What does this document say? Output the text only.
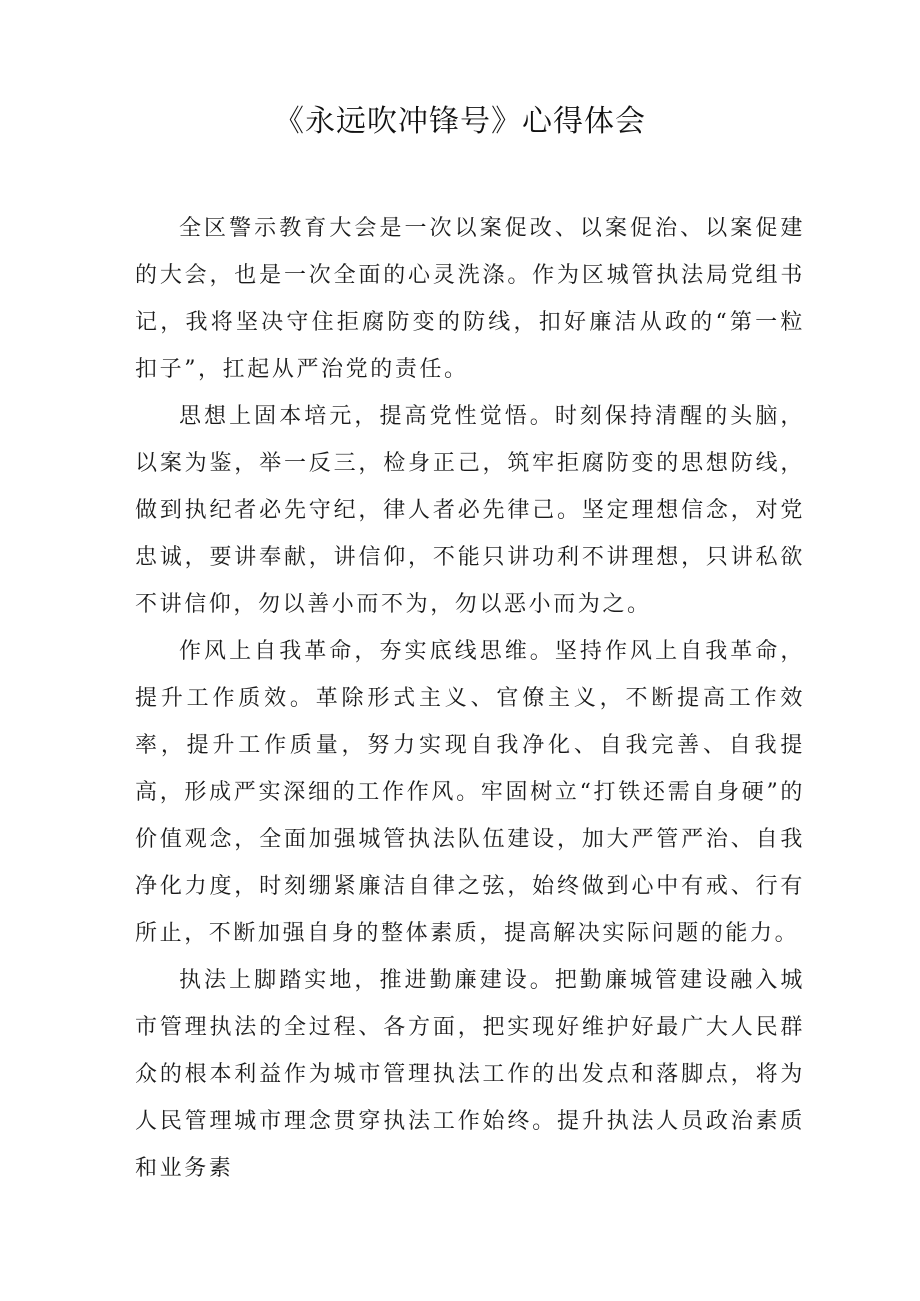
《永远吹冲锋号》心得体会

全区警示教育大会是一次以案促改、以案促治、以案促建的大会，也是一次全面的心灵洗涤。作为区城管执法局党组书记，我将坚决守住拒腐防变的防线，扣好廉洁从政的“第一粒扣子”，扛起从严治党的责任。

思想上固本培元，提高党性觉悟。时刻保持清醒的头脑，以案为鉴，举一反三，检身正己，筑牢拒腐防变的思想防线，做到执纪者必先守纪，律人者必先律己。坚定理想信念，对党忠诚，要讲奉献，讲信仰，不能只讲功利不讲理想，只讲私欲不讲信仰，勿以善小而不为，勿以恶小而为之。

作风上自我革命，夯实底线思维。坚持作风上自我革命，提升工作质效。革除形式主义、官僚主义，不断提高工作效率，提升工作质量，努力实现自我净化、自我完善、自我提高，形成严实深细的工作作风。牢固树立“打铁还需自身硬”的价值观念，全面加强城管执法队伍建设，加大严管严治、自我净化力度，时刻绷紧廉洁自律之弦，始终做到心中有戒、行有所止，不断加强自身的整体素质，提高解决实际问题的能力。

执法上脚踏实地，推进勤廉建设。把勤廉城管建设融入城市管理执法的全过程、各方面，把实现好维护好最广大人民群众的根本利益作为城市管理执法工作的出发点和落脚点，将为人民管理城市理念贯穿执法工作始终。提升执法人员政治素质和业务素
